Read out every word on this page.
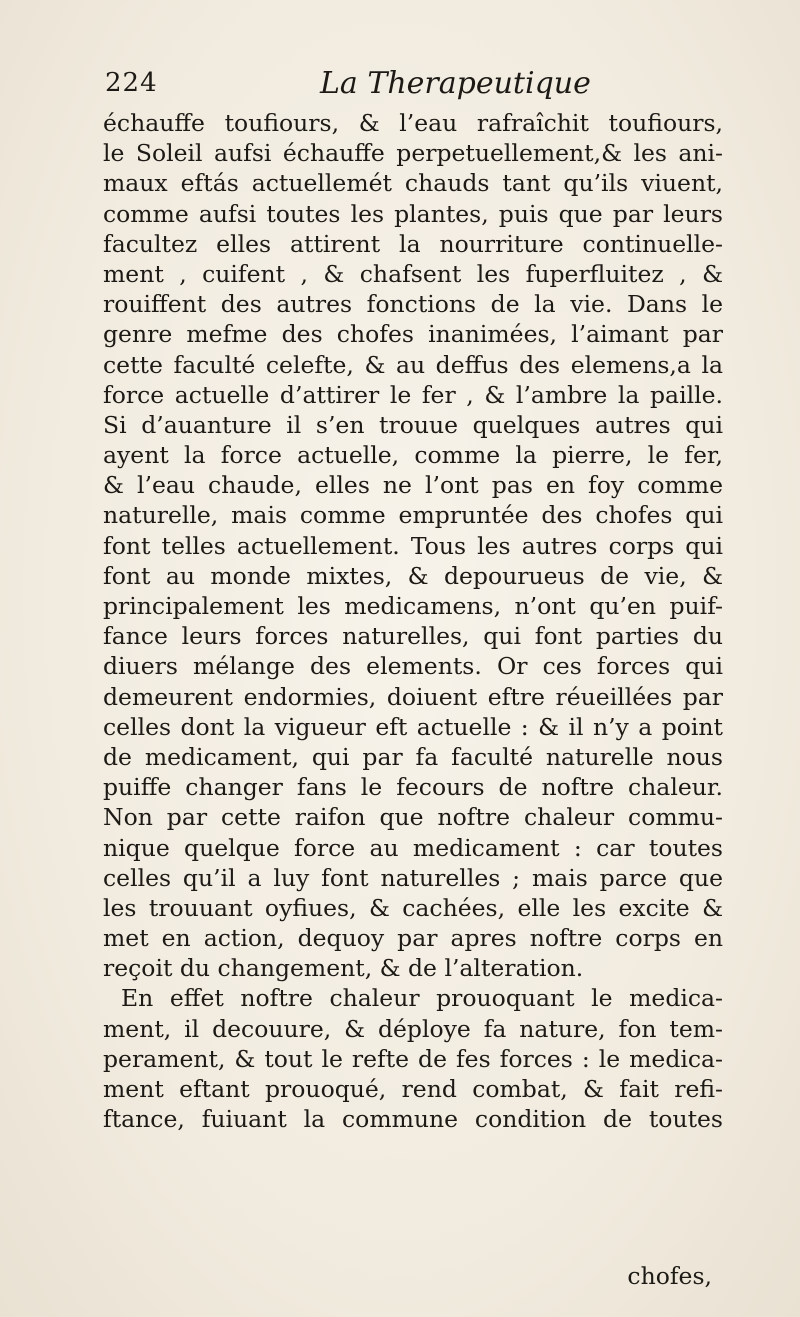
224	La Therapeutique
échauffe toufiours, & l’eau rafraîchit toufiours,
le Soleil aufsi échauffe perpetuellement,& les ani-
maux eftás actuellemét chauds tant qu’ils viuent,
comme aufsi toutes les plantes, puis que par leurs
facultez elles attirent la nourriture continuelle-
ment , cuifent , & chafsent les fuperfluitez , &
rouiffent des autres fonctions de la vie. Dans le
genre mefme des chofes inanimées, l’aimant par
cette faculté celefte, & au deffus des elemens,a la
force actuelle d’attirer le fer , & l’ambre la paille.
Si d’auanture il s’en trouue quelques autres qui
ayent la force actuelle, comme la pierre, le fer,
& l’eau chaude, elles ne l’ont pas en foy comme
naturelle, mais comme empruntée des chofes qui
font telles actuellement. Tous les autres corps qui
font au monde mixtes, & depourueus de vie, &
principalement les medicamens, n’ont qu’en puif-
fance leurs forces naturelles, qui font parties du
diuers mélange des elements. Or ces forces qui
demeurent endormies, doiuent eftre réueillées par
celles dont la vigueur eft actuelle : & il n’y a point
de medicament, qui par fa faculté naturelle nous
puiffe changer fans le fecours de noftre chaleur.
Non par cette raifon que noftre chaleur commu-
nique quelque force au medicament : car toutes
celles qu’il a luy font naturelles ; mais parce que
les trouuant oyfiues, & cachées, elle les excite &
met en action, dequoy par apres noftre corps en
reçoit du changement, & de l’alteration.
En effet noftre chaleur prouoquant le medica-
ment, il decouure, & déploye fa nature, fon tem-
perament, & tout le refte de fes forces : le medica-
ment eftant prouoqué, rend combat, & fait refi-
ftance, fuiuant la commune condition de toutes
chofes,
